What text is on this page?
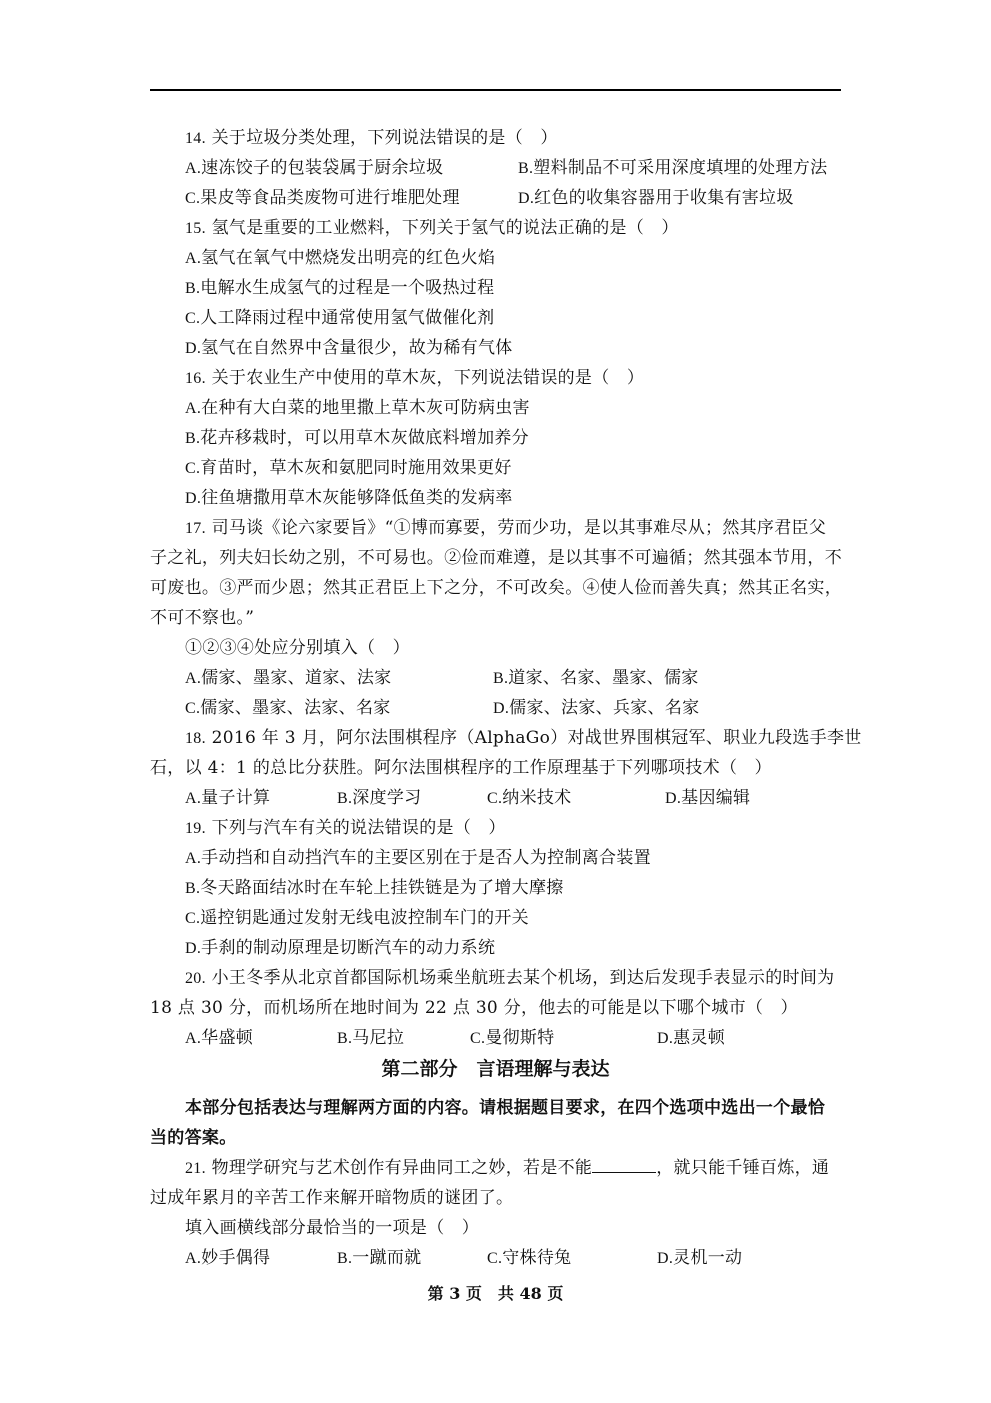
14. 关于垃圾分类处理，下列说法错误的是（　）
A.速冻饺子的包装袋属于厨余垃圾	B.塑料制品不可采用深度填埋的处理方法
C.果皮等食品类废物可进行堆肥处理	D.红色的收集容器用于收集有害垃圾
15. 氢气是重要的工业燃料，下列关于氢气的说法正确的是（　）
A.氢气在氧气中燃烧发出明亮的红色火焰
B.电解水生成氢气的过程是一个吸热过程
C.人工降雨过程中通常使用氢气做催化剂
D.氢气在自然界中含量很少，故为稀有气体
16. 关于农业生产中使用的草木灰，下列说法错误的是（　）
A.在种有大白菜的地里撒上草木灰可防病虫害
B.花卉移栽时，可以用草木灰做底料增加养分
C.育苗时，草木灰和氨肥同时施用效果更好
D.往鱼塘撒用草木灰能够降低鱼类的发病率
17. 司马谈《论六家要旨》“①博而寡要，劳而少功，是以其事难尽从；然其序君臣父
子之礼，列夫妇长幼之别，不可易也。②俭而难遵，是以其事不可遍循；然其强本节用，不
可废也。③严而少恩；然其正君臣上下之分，不可改矣。④使人俭而善失真；然其正名实，
不可不察也。”
①②③④处应分别填入（　）
A.儒家、墨家、道家、法家	B.道家、名家、墨家、儒家
C.儒家、墨家、法家、名家	D.儒家、法家、兵家、名家
18. 2016 年 3 月，阿尔法围棋程序（AlphaGo）对战世界围棋冠军、职业九段选手李世
石，以 4：1 的总比分获胜。阿尔法围棋程序的工作原理基于下列哪项技术（　）
A.量子计算	B.深度学习	C.纳米技术	D.基因编辑
19. 下列与汽车有关的说法错误的是（　）
A.手动挡和自动挡汽车的主要区别在于是否人为控制离合装置
B.冬天路面结冰时在车轮上挂铁链是为了增大摩擦
C.遥控钥匙通过发射无线电波控制车门的开关
D.手刹的制动原理是切断汽车的动力系统
20. 小王冬季从北京首都国际机场乘坐航班去某个机场，到达后发现手表显示的时间为
18 点 30 分，而机场所在地时间为 22 点 30 分，他去的可能是以下哪个城市（　）
A.华盛顿	B.马尼拉	C.曼彻斯特	D.惠灵顿
第二部分　言语理解与表达
本部分包括表达与理解两方面的内容。请根据题目要求，在四个选项中选出一个最恰
当的答案。
21. 物理学研究与艺术创作有异曲同工之妙，若是不能	，就只能千锤百炼，通
过成年累月的辛苦工作来解开暗物质的谜团了。
填入画横线部分最恰当的一项是（　）
A.妙手偶得	B.一蹴而就	C.守株待兔	D.灵机一动
第 3 页　共 48 页
